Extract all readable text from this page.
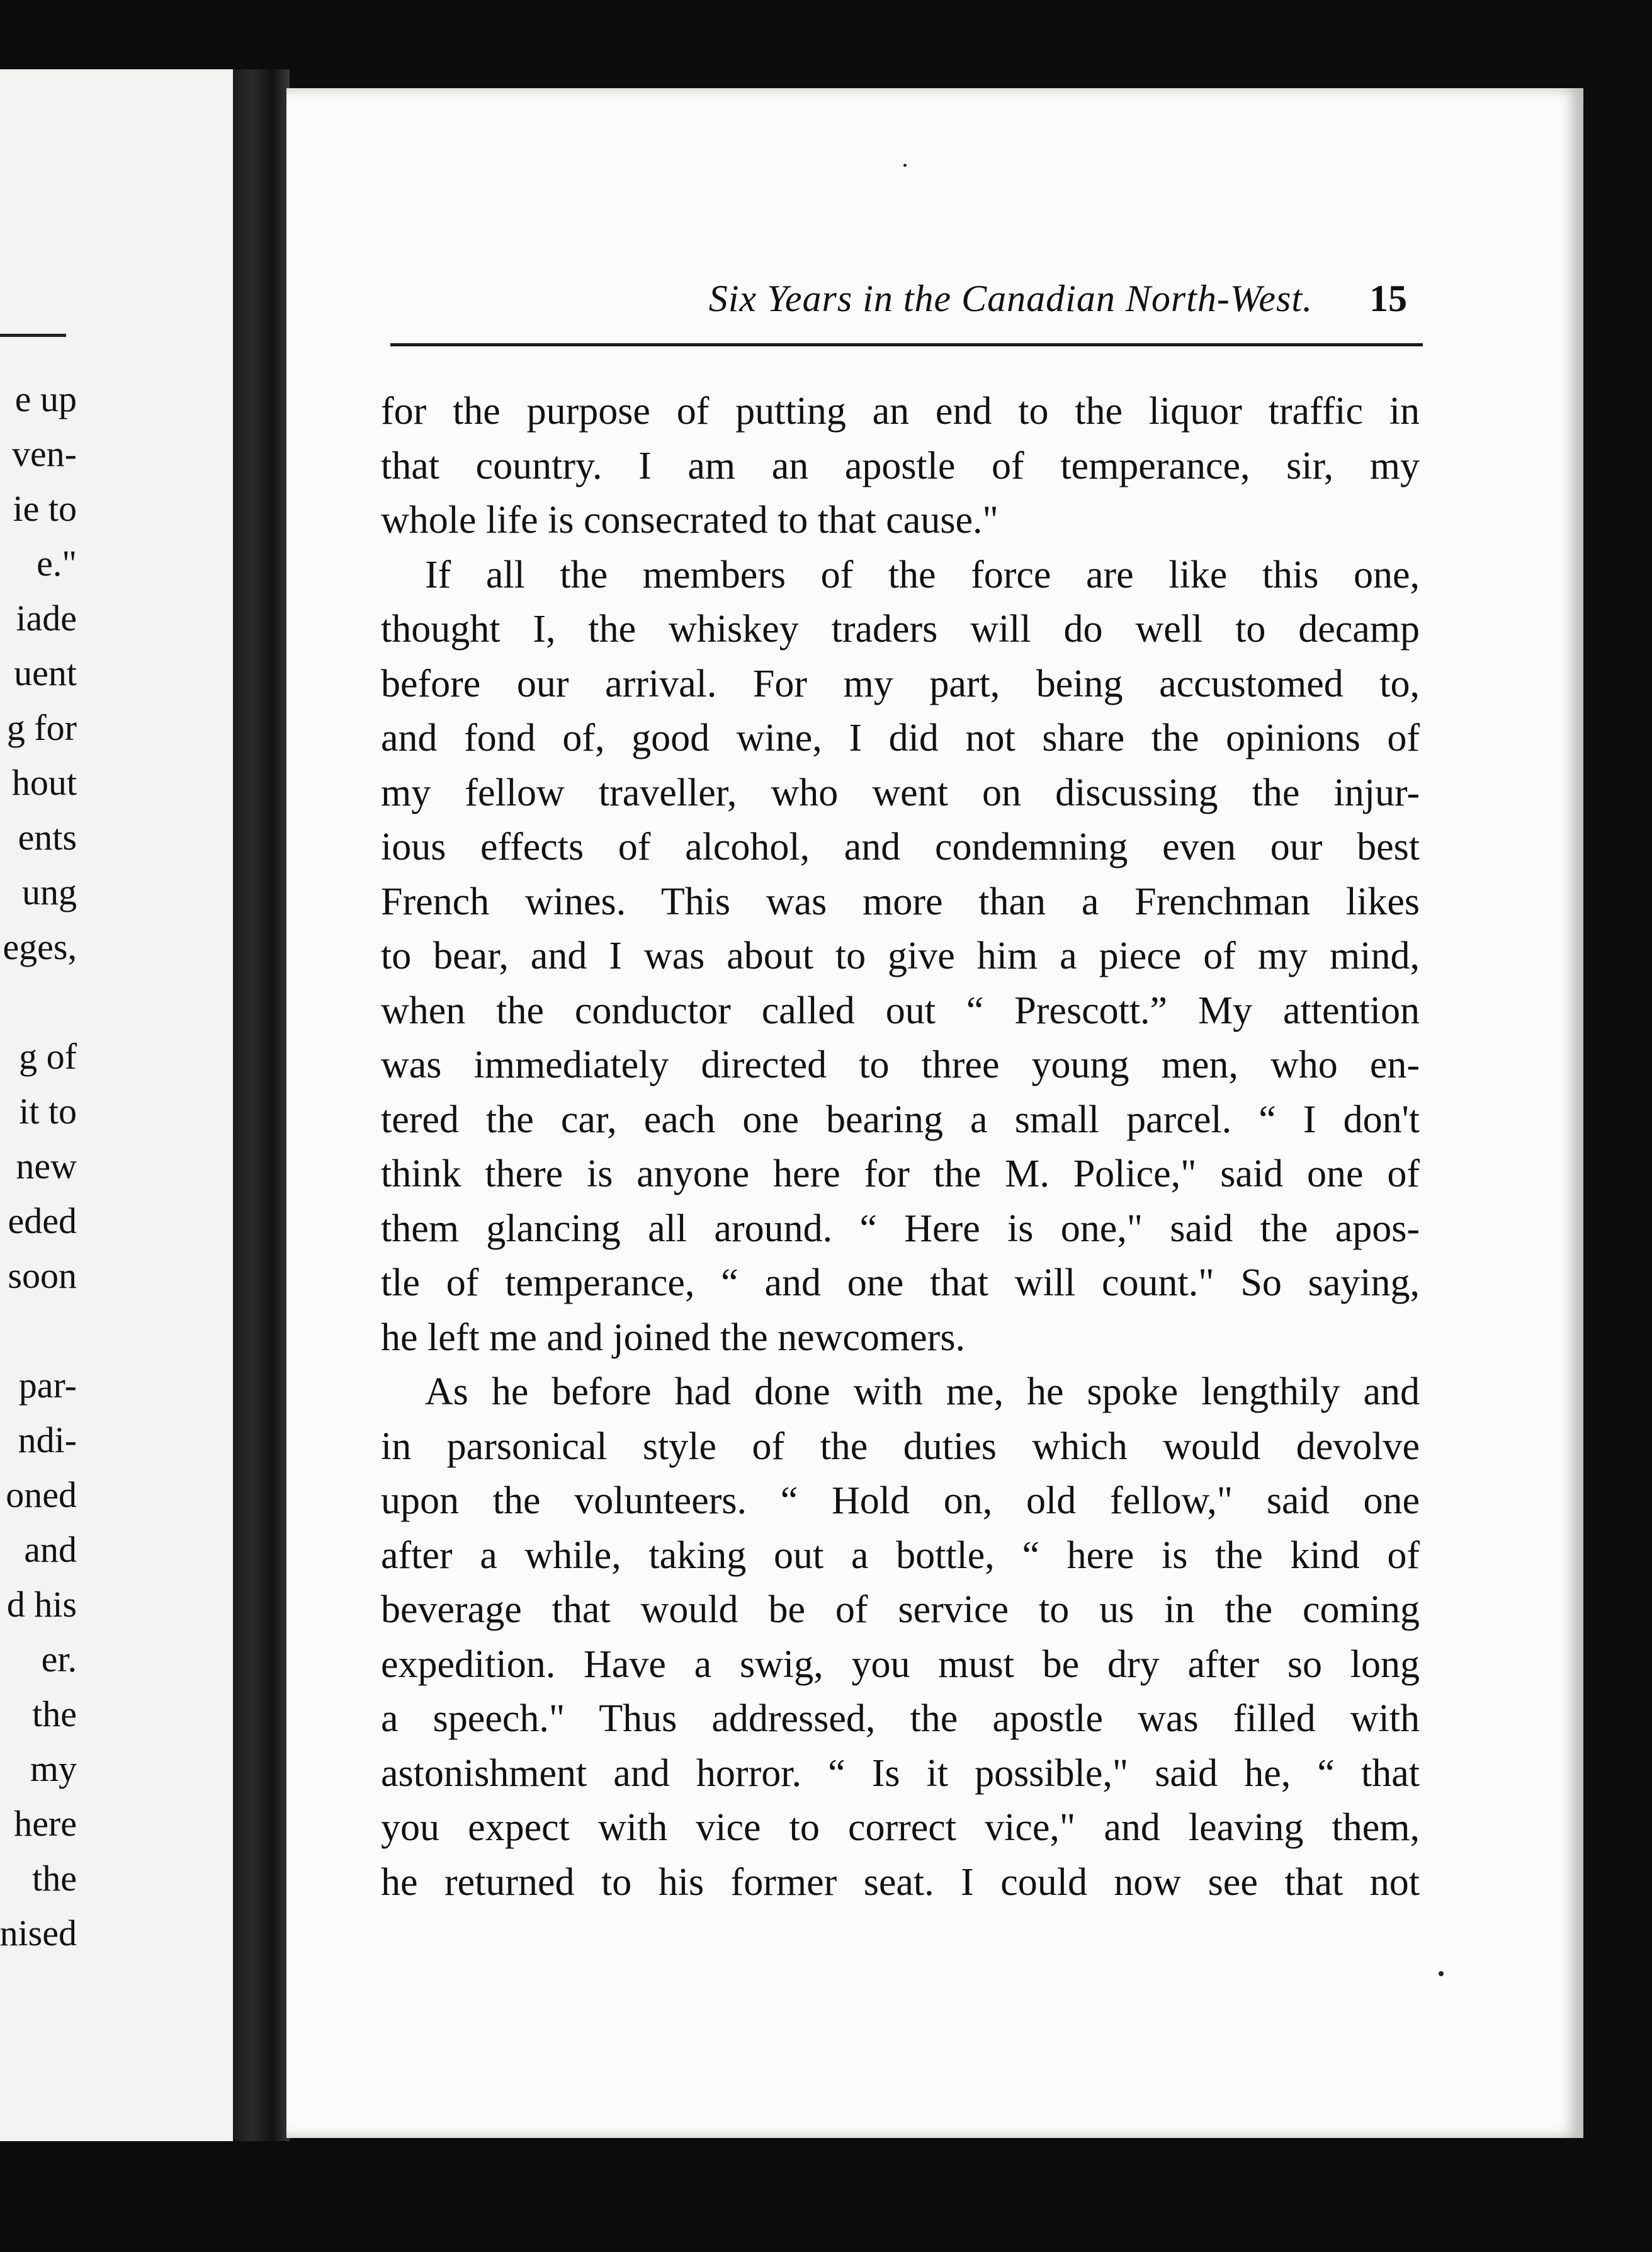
e up
ven-
ie to
e."
iade
uent
g for
hout
ents
ung
eges,
g of
it to
new
eded
soon
par-
ndi-
oned
and
d his
er.
the
my
here
the
nised
Six Years in the Canadian North-West. 15
for the purpose of putting an end to the liquor traffic in
that country. I am an apostle of temperance, sir, my
whole life is consecrated to that cause."
If all the members of the force are like this one,
thought I, the whiskey traders will do well to decamp
before our arrival. For my part, being accustomed to,
and fond of, good wine, I did not share the opinions of
my fellow traveller, who went on discussing the injur-
ious effects of alcohol, and condemning even our best
French wines. This was more than a Frenchman likes
to bear, and I was about to give him a piece of my mind,
when the conductor called out “ Prescott.” My attention
was immediately directed to three young men, who en-
tered the car, each one bearing a small parcel. “ I don't
think there is anyone here for the M. Police," said one of
them glancing all around. “ Here is one," said the apos-
tle of temperance, “ and one that will count." So saying,
he left me and joined the newcomers.
As he before had done with me, he spoke lengthily and
in parsonical style of the duties which would devolve
upon the volunteers. “ Hold on, old fellow," said one
after a while, taking out a bottle, “ here is the kind of
beverage that would be of service to us in the coming
expedition. Have a swig, you must be dry after so long
a speech." Thus addressed, the apostle was filled with
astonishment and horror. “ Is it possible," said he, “ that
you expect with vice to correct vice," and leaving them,
he returned to his former seat. I could now see that not
